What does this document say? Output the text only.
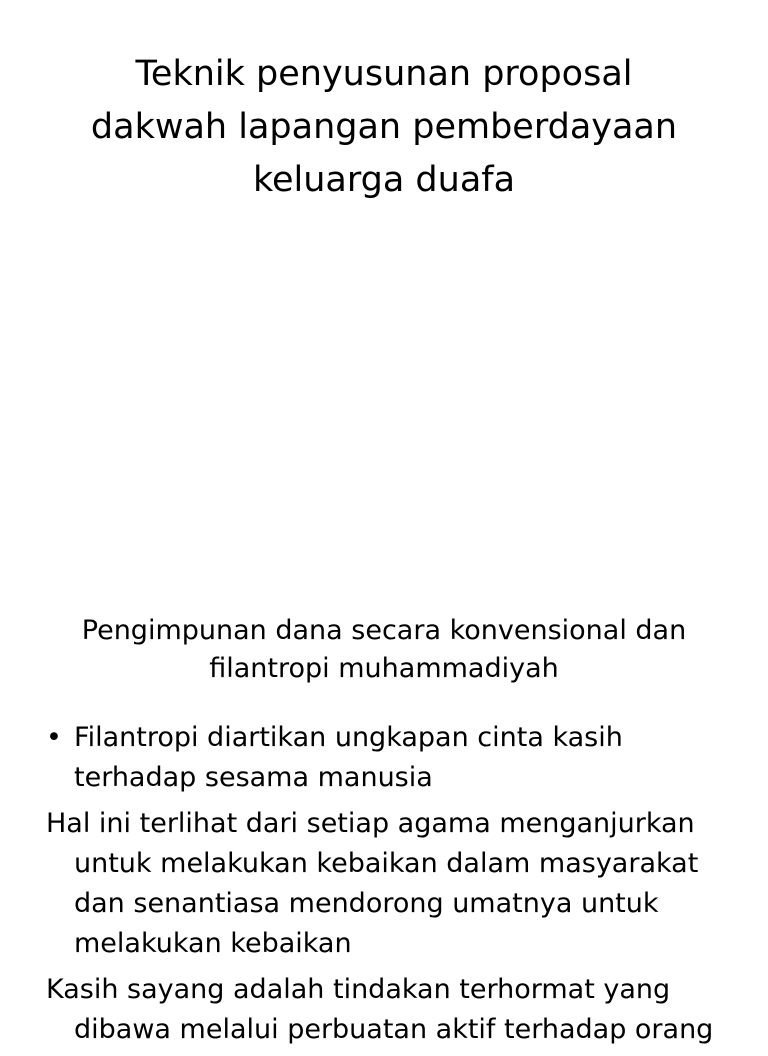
Teknik penyusunan proposal
dakwah lapangan pemberdayaan
keluarga duafa
Pengimpunan dana secara konvensional dan
filantropi muhammadiyah
• Filantropi diartikan ungkapan cinta kasih
terhadap sesama manusia
Hal ini terlihat dari setiap agama menganjurkan
untuk melakukan kebaikan dalam masyarakat
dan senantiasa mendorong umatnya untuk
melakukan kebaikan
Kasih sayang adalah tindakan terhormat yang
dibawa melalui perbuatan aktif terhadap orang
